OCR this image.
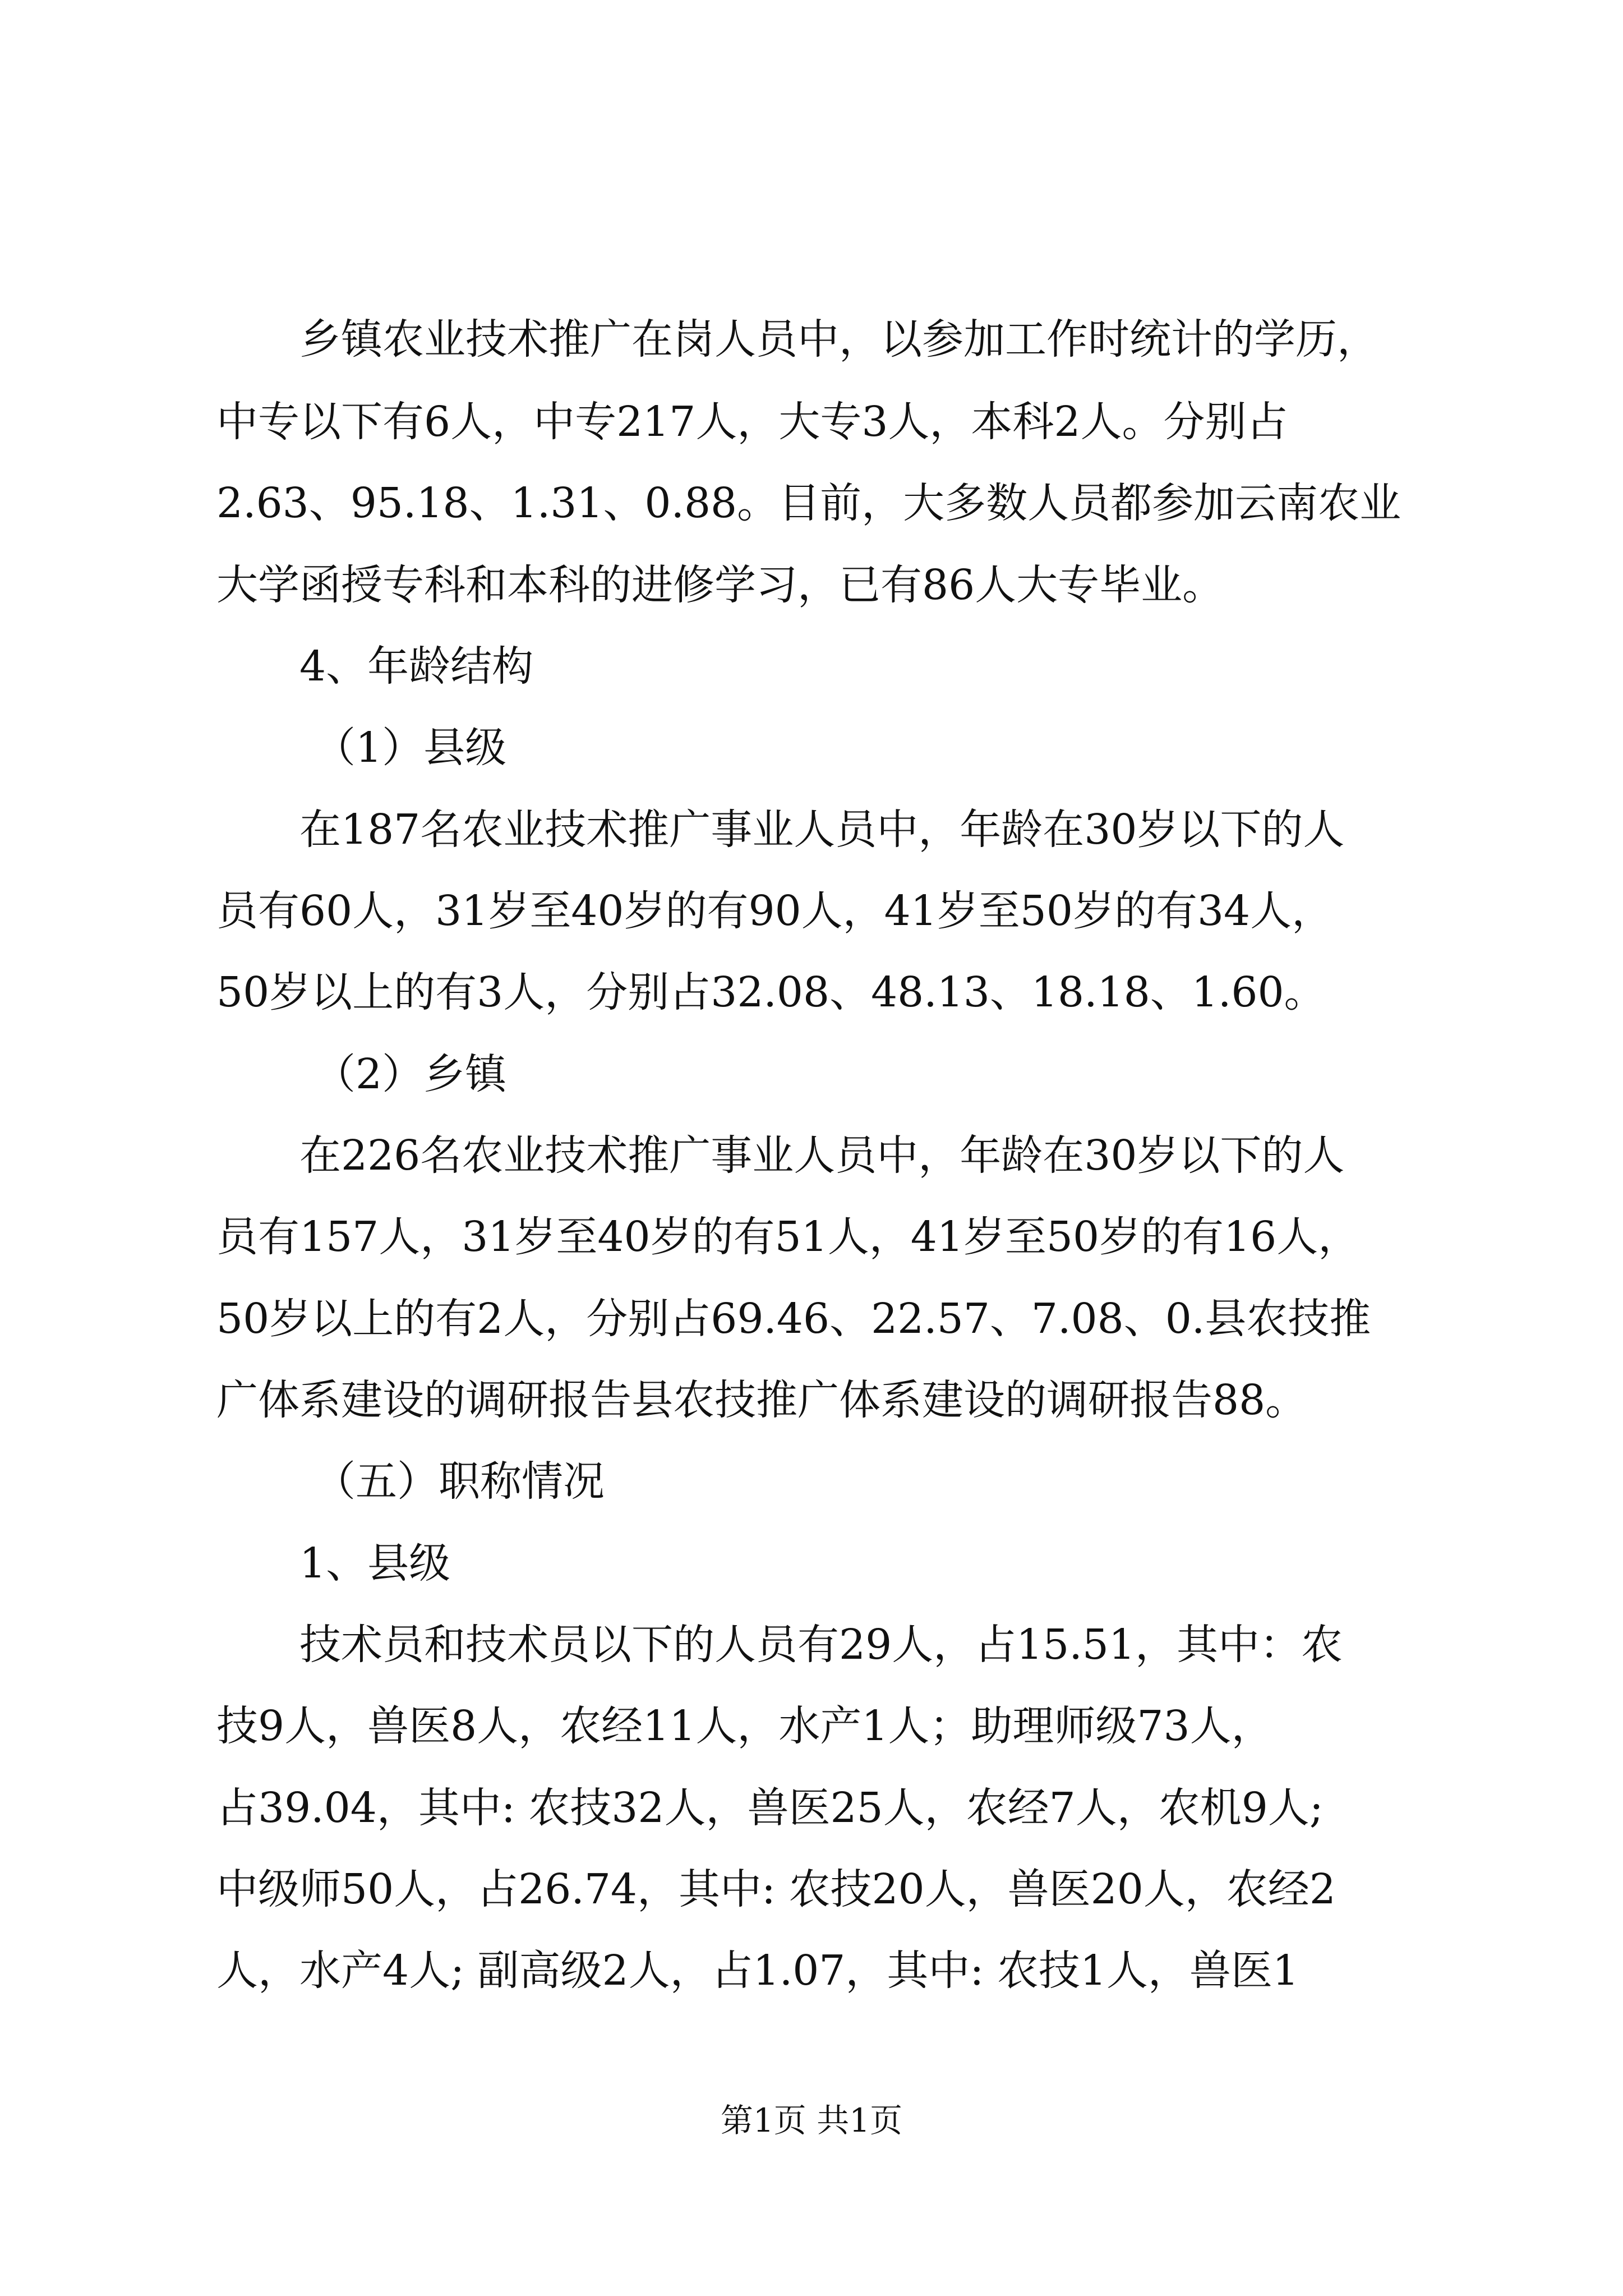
乡镇农业技术推广在岗人员中，以参加工作时统计的学历，
中专以下有6人，中专217人，大专3人，本科2人。分别占
2.63、95.18、1.31、0.88。目前，大多数人员都参加云南农业
大学函授专科和本科的进修学习，已有86人大专毕业。
4、年龄结构
（1）县级
在187名农业技术推广事业人员中，年龄在30岁以下的人
员有60人，31岁至40岁的有90人，41岁至50岁的有34人，
50岁以上的有3人，分别占32.08、48.13、18.18、1.60。
（2）乡镇
在226名农业技术推广事业人员中，年龄在30岁以下的人
员有157人，31岁至40岁的有51人，41岁至50岁的有16人，
50岁以上的有2人，分别占69.46、22.57、7.08、0.县农技推
广体系建设的调研报告县农技推广体系建设的调研报告88。
（五）职称情况
1、县级
技术员和技术员以下的人员有29人，占15.51，其中：农
技9人，兽医8人，农经11人，水产1人；助理师级73人，
占39.04，其中: 农技32人，兽医25人，农经7人，农机9人;
中级师50人，占26.74，其中: 农技20人，兽医20人，农经2
人，水产4人; 副高级2人，占1.07，其中: 农技1人，兽医1
第1页 共1页
